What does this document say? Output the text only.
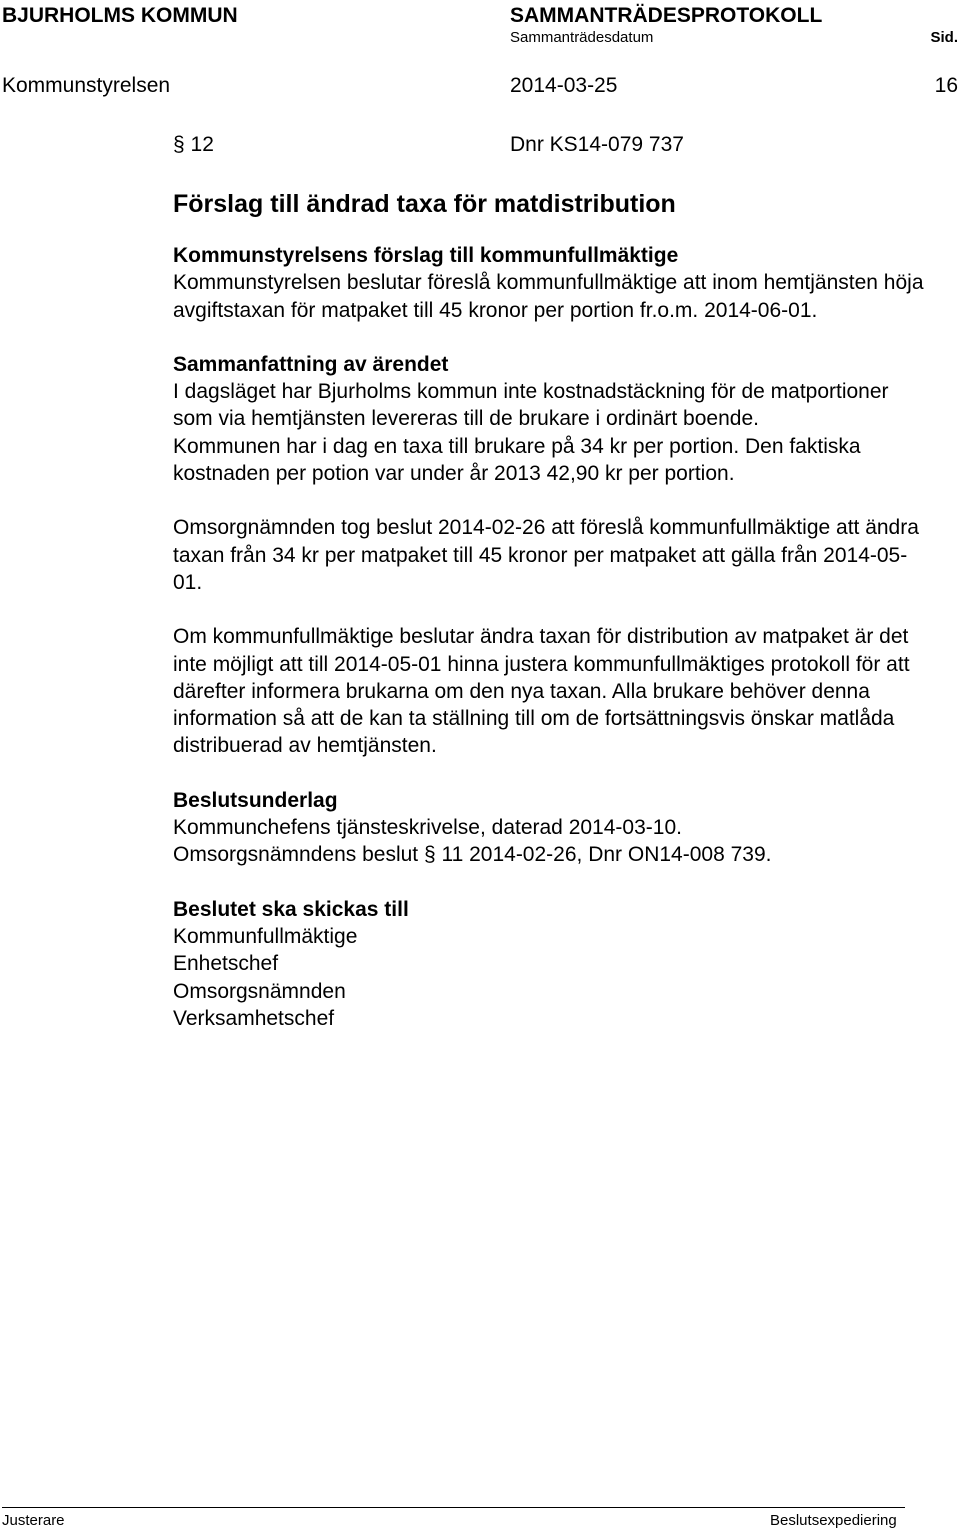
BJURHOLMS KOMMUN	SAMMANTRÄDESPROTOKOLL
Sammanträdesdatum	Sid.
Kommunstyrelsen	2014-03-25	16
§ 12	Dnr KS14-079 737
Förslag till ändrad taxa för matdistribution
Kommunstyrelsens förslag till kommunfullmäktige

Kommunstyrelsen beslutar föreslå kommunfullmäktige att inom hemtjänsten höja avgiftstaxan för matpaket till 45 kronor per portion fr.o.m. 2014-06-01.

Sammanfattning av ärendet

I dagsläget har Bjurholms kommun inte kostnadstäckning för de matportioner som via hemtjänsten levereras till de brukare i ordinärt boende.

Kommunen har i dag en taxa till brukare på 34 kr per portion. Den faktiska kostnaden per potion var under år 2013 42,90 kr per portion.

Omsorgnämnden tog beslut 2014-02-26 att föreslå kommunfullmäktige att ändra taxan från 34 kr per matpaket till 45 kronor per matpaket att gälla från 2014-05-01.

Om kommunfullmäktige beslutar ändra taxan för distribution av matpaket är det inte möjligt att till 2014-05-01 hinna justera kommunfullmäktiges protokoll för att därefter informera brukarna om den nya taxan. Alla brukare behöver denna information så att de kan ta ställning till om de fortsättningsvis önskar matlåda distribuerad av hemtjänsten.

Beslutsunderlag

Kommunchefens tjänsteskrivelse, daterad 2014-03-10.

Omsorgsnämndens beslut § 11 2014-02-26, Dnr ON14-008 739.

Beslutet ska skickas till

Kommunfullmäktige

Enhetschef

Omsorgsnämnden

Verksamhetschef

Justerare	Beslutsexpediering
